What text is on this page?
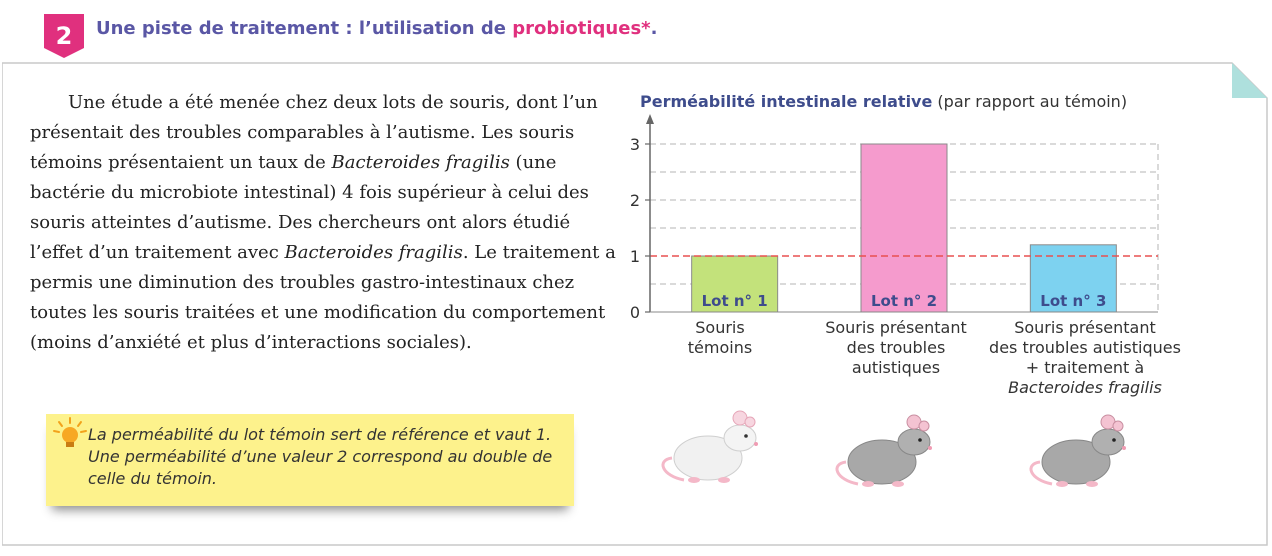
2 Une piste de traitement : l’utilisation de probiotiques*.

Une étude a été menée chez deux lots de souris, dont l’un présentait des troubles comparables à l’autisme. Les souris témoins présentaient un taux de Bacteroides fragilis (une bactérie du microbiote intestinal) 4 fois supérieur à celui des souris atteintes d’autisme. Des chercheurs ont alors étudié l’effet d’un traitement avec Bacteroides fragilis. Le traitement a permis une diminution des troubles gastro-intestinaux chez toutes les souris traitées et une modification du comportement (moins d’anxiété et plus d’interactions sociales).

La perméabilité du lot témoin sert de référence et vaut 1. Une perméabilité d’une valeur 2 correspond au double de celle du témoin.
Perméabilité intestinale relative (par rapport au témoin)
Lot n° 1	Lot n° 2	Lot n° 3
0
1
2
3
Souris
témoins
Souris présentant
des troubles
autistiques
Souris présentant
des troubles autistiques
+ traitement à
Bacteroides fragilis
